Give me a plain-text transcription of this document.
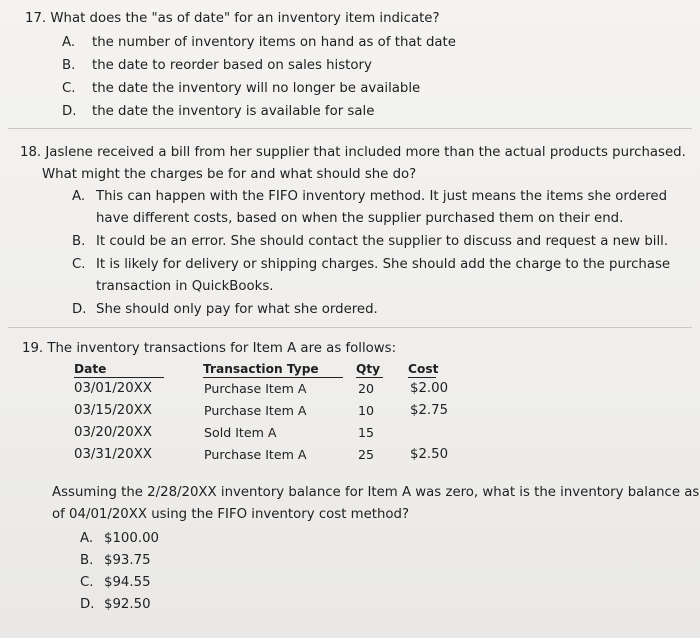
17. What does the "as of date" for an inventory item indicate?
A. the number of inventory items on hand as of that date
B. the date to reorder based on sales history
C. the date the inventory will no longer be available
D. the date the inventory is available for sale
18. Jaslene received a bill from her supplier that included more than the actual products purchased.
What might the charges be for and what should she do?
A. This can happen with the FIFO inventory method. It just means the items she ordered
have different costs, based on when the supplier purchased them on their end.
B. It could be an error. She should contact the supplier to discuss and request a new bill.
C. It is likely for delivery or shipping charges. She should add the charge to the purchase
transaction in QuickBooks.
D. She should only pay for what she ordered.
19. The inventory transactions for Item A are as follows:
Date	Transaction Type	Qty Cost
03/01/20XX	Purchase Item A	20	$2.00
03/15/20XX	Purchase Item A	10	$2.75
03/20/20XX	Sold Item A	15
03/31/20XX	Purchase Item A	25	$2.50
Assuming the 2/28/20XX inventory balance for Item A was zero, what is the inventory balance as
of 04/01/20XX using the FIFO inventory cost method?
A. $100.00
B. $93.75
C. $94.55
D. $92.50
